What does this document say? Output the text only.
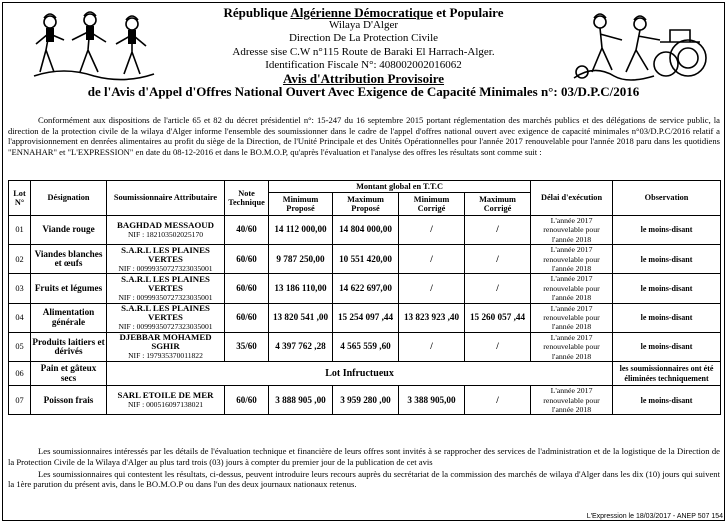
République Algérienne Démocratique et Populaire
Wilaya D'Alger
Direction De La Protection Civile
Adresse sise C.W n°115 Route de Baraki El Harrach-Alger.
Identification Fiscale N°: 408002002016062
Avis d'Attribution Provisoire
de l'Avis d'Appel d'Offres National Ouvert Avec Exigence de Capacité Minimales n°: 03/D.P.C/2016

Conformément aux dispositions de l'article 65 et 82 du décret présidentiel n°: 15-247 du 16 septembre 2015 portant réglementation des marchés publics et des délégations de service public, la direction de la protection civile de la wilaya d'Alger informe l'ensemble des soumissionner dans le cadre de l'appel d'offres national ouvert avec exigence de capacité minimales n°03/D.P.C/2016 relatif a l'approvisionnement en denrées alimentaires au profit du siège de la Direction, de l'Unité Principale et des Unités Opérationnelles pour l'année 2017 renouvelable pour l'année 2018 paru dans les quotidiens "ENNAHAR" et "L'EXPRESSION" en date du 08-12-2016 et dans le BO.M.O.P, qu'après l'évaluation et l'analyse des offres les résultats sont comme suit :

Lot N°	Désignation	Soumissionnaire Attributaire	Note Technique	Montant global en T.T.C				Délai d'exécution	Observation
				Minimum Proposé	Maximum Proposé	Minimum Corrigé	Maximum Corrigé		
01	Viande rouge	BAGHDAD MESSAOUD
NIF : 182103502025170	40/60	14 112 000,00	14 804 000,00	/	/	L'année 2017 renouvelable pour l'année 2018	le moins-disant
02	Viandes blanches et œufs	S.A.R.L LES PLAINES VERTES
NIF : 00999350727323035001	60/60	9 787 250,00	10 551 420,00	/	/	L'année 2017 renouvelable pour l'année 2018	le moins-disant
03	Fruits et légumes	S.A.R.L LES PLAINES VERTES
NIF : 00999350727323035001	60/60	13 186 110,00	14 622 697,00	/	/	L'année 2017 renouvelable pour l'année 2018	le moins-disant
04	Alimentation générale	S.A.R.L LES PLAINES VERTES
NIF : 00999350727323035001	60/60	13 820 541 ,00	15 254 097 ,44	13 823 923 ,40	15 260 057 ,44	L'année 2017 renouvelable pour l'année 2018	le moins-disant
05	Produits laitiers et dérivés	DJEBBAR MOHAMED SGHIR
NIF : 197935370011822	35/60	4 397 762 ,28	4 565 559 ,60	/	/	L'année 2017 renouvelable pour l'année 2018	le moins-disant
06	Pain et gâteux secs	Lot Infructueux							les soumissionnaires ont été éliminées techniquement
07	Poisson frais	SARL ETOILE DE MER
NIF : 000516097138021	60/60	3 888 905 ,00	3 959 280 ,00	3 388 905,00	/	L'année 2017 renouvelable pour l'année 2018	le moins-disant

Les soumissionnaires intéressés par les détails de l'évaluation technique et financière de leurs offres sont invités à se rapprocher des services de l'administration et de la logistique de la Direction de la Protection Civile de la Wilaya d'Alger au plus tard trois (03) jours à compter du premier jour de la publication de cet avis

Les soumissionnaires qui contestent les résultats, ci-dessus, peuvent introduire leurs recours auprès du secrétariat de la commission des marchés de wilaya d'Alger dans les dix (10) jours qui suivent la 1ère parution du présent avis, dans le BO.M.O.P ou dans l'un des deux journaux nationaux retenus.

L'Expression le 18/03/2017 - ANEP 507 154
